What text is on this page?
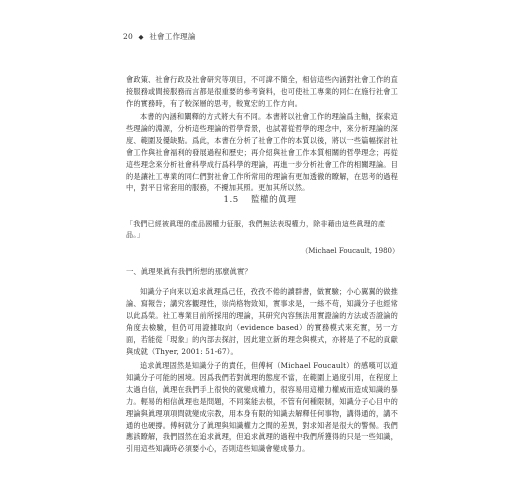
20 ◆ 社會工作理論

會政策、社會行政及社會研究等項目，不可諱不簡全，相信這些內涵對社會工作的直接服務或間接服務而言都是很重要的參考資料，也可使社工專業的同仁在施行社會工作的實務時，有了較深層的思考，較寬宏的工作方向。

本書的內涵和闡釋的方式將大有不同。本書將以社會工作的理論爲主軸，探索這些理論的淵源，分析這些理論的哲學背景，也試著從哲學的理念中，來分析理論的深度、範圍及優缺點。爲此，本書在分析了社會工作的本質以後，將以一些篇幅探討社會工作與社會福利的發展過程和歷史；再介紹與社會工作本質相關的哲學理念；再從這些理念來分析社會科學成行爲科學的理論，再進一步分析社會工作的相關理論。目的是讓社工專業的同仁們對社會工作所常用的理論有更加透徹的瞭解，在思考的過程中，對平日常套用的服務，不擾加其照。更加其所以然。

1.5 監權的眞理
「我們已經被眞理的產品國權力征服，我們無法表現權力，除非藉由這些眞理的產品。」
（Michael Foucault, 1980）
一、眞理果眞有我們所想的那麼眞實？

知識分子向來以追求眞理爲己任，孜孜不倦的讀群書，做實驗；小心翼翼的做推論、寫報告；講究客觀理性，崇尚格物致知，實事求是，一絲不苟，知識分子也經常以此爲榮。社工專業目前所採用的理論，其研究內容無法用實證論的方法或否證論的角度去檢驗，但仍可用證據取向（evidence based）的實務模式來充實，另一方面，若能從「現象」的內部去探討，因此建立新的理念與模式，亦將是了不起的貢獻與成就（Thyer, 2001: 51-67）。

追求眞理固然是知識分子的責任，但傅柯（Michael Foucault）的感嘆可以道知識分子可能的困境。因爲我們若對眞理的態度不當，在範圍上過度引用，在程度上太過自信，眞理在我們手上很快的就變成權力，很容易用這權力權威而造成知識的暴力。輕易的相信眞理也是問題，不同案能去根，不管有何種限制，知識分子心目中的理論與眞理項項問就變成宗教，用本身有限的知識去解釋任何事物，講得通的，講不通的也硬撐。傅柯就分了眞理與知識權力之間的差異，對求知者是很大的警惕。我們應該瞭解，我們固然在追求眞理，但追求眞理的過程中我們所獲得的只是一些知識，引用這些知識時必須要小心，否則這些知識會變成暴力。
